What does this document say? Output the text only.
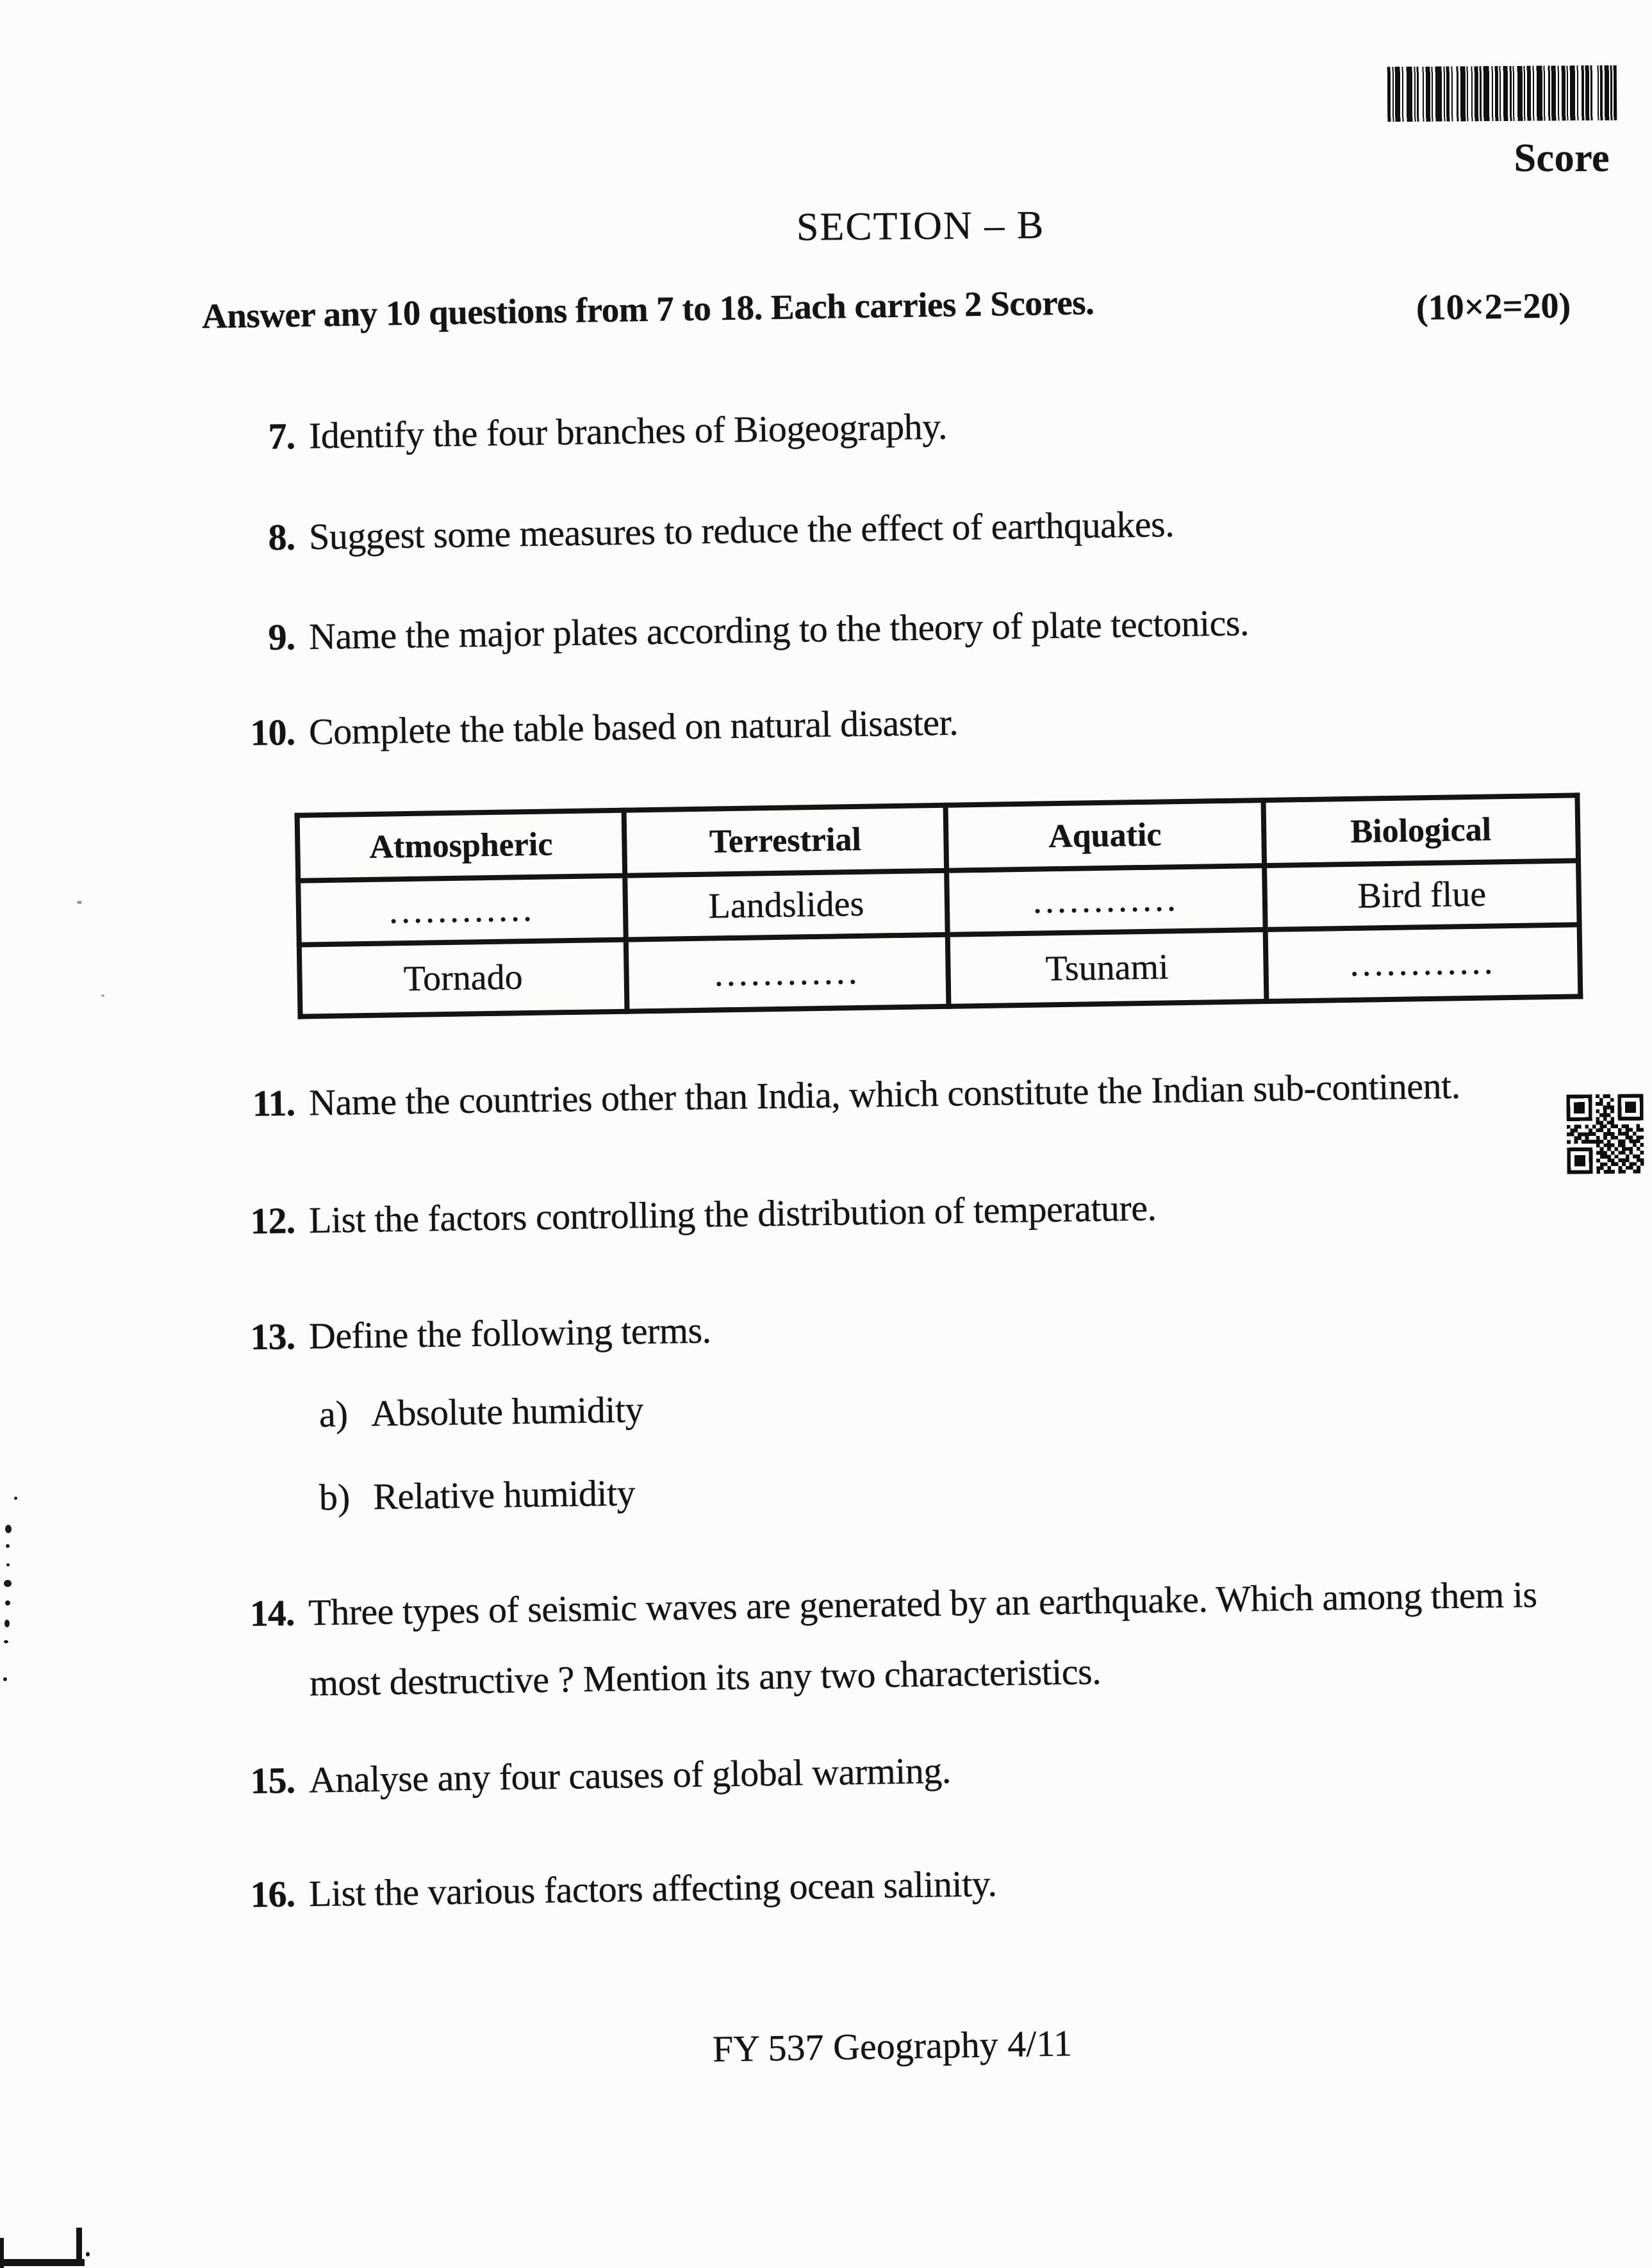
Score
SECTION – B
Answer any 10 questions from 7 to 18. Each carries 2 Scores.	(10×2=20)
7. Identify the four branches of Biogeography.
8. Suggest some measures to reduce the effect of earthquakes.
9. Name the major plates according to the theory of plate tectonics.
10. Complete the table based on natural disaster.
Atmospheric	Terrestrial	Aquatic	Biological
............	Landslides	............	Bird flue
Tornado	............	Tsunami	............
11. Name the countries other than India, which constitute the Indian sub-continent.
12. List the factors controlling the distribution of temperature.
13. Define the following terms.
a) Absolute humidity
b) Relative humidity
14. Three types of seismic waves are generated by an earthquake. Which among them is
most destructive ? Mention its any two characteristics.
15. Analyse any four causes of global warming.
16. List the various factors affecting ocean salinity.
FY 537 Geography 4/11
